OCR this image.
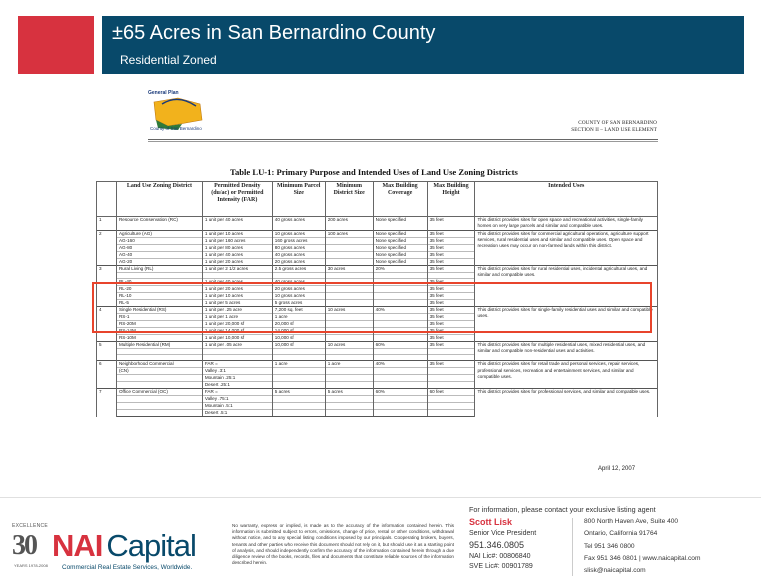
±65 Acres in San Bernardino County
Residential Zoned
General Plan
County of San Bernardino
COUNTY OF SAN BERNARDINO
SECTION II – LAND USE ELEMENT
Table LU-1: Primary Purpose and Intended Uses of Land Use Zoning Districts
	Land Use Zoning District	Permitted Density (du/ac) or Permitted Intensity (FAR)	Minimum Parcel Size	Minimum District Size	Max Building Coverage	Max Building Height	Intended Uses
1	Resource Conservation (RC)	1 unit per 40 acres	40 gross acres	200 acres	None specified	35 feet	This district provides sites for open space and recreational activities, single-family homes on very large parcels and similar and compatible uses.
2	Agriculture (AG)	1 unit per 10 acres	10 gross acres	100 acres	None specified	35 feet	This district provides sites for commercial agricultural operations, agriculture support services, rural residential uses and similar and compatible uses. Open space and recreation uses may occur on non-farmed lands within this district.
	AG-160	1 unit per 160 acres	160 gross acres		None specified	35 feet	
	AG-80	1 unit per 80 acres	80 gross acres		None specified	35 feet	
	AG-40	1 unit per 40 acres	40 gross acres		None specified	35 feet	
	AG-20	1 unit per 20 acres	20 gross acres		None specified	35 feet	
3	Rural Living (RL)	1 unit per 2 1/2 acres	2.5 gross acres	30 acres	20%	35 feet	This district provides sites for rural residential uses, incidental agricultural uses, and similar and compatible uses.

	RL-40	1 unit per 40 acres	40 gross acres			35 feet	
	RL-20	1 unit per 20 acres	20 gross acres			35 feet	
	RL-10	1 unit per 10 acres	10 gross acres			35 feet	
	RL-5	1 unit per 5 acres	5 gross acres			35 feet	
4	Single Residential (RS)	1 unit per .25 acre	7,200 sq. feet	10 acres	40%	35 feet	This district provides sites for single-family residential uses and similar and compatible uses.
	RS-1	1 unit per 1 acre	1 acre			35 feet	
	RS-20M	1 unit per 20,000 sf	20,000 sf			35 feet	
	RS-14M	1 unit per 14,000 sf	14,000 sf			35 feet	
	RS-10M	1 unit per 10,000 sf	10,000 sf			35 feet	
5	Multiple Residential (RM)	1 unit per .05 acre	10,000 sf	10 acres	60%	35 feet	This district provides sites for multiple residential uses, mixed residential uses, and similar and compatible non-residential uses and activities.

6	Neighborhood Commercial	FAR =	1 acre	1 acre	40%	35 feet	This district provides sites for retail trade and personal services, repair services, professional services, recreation and entertainment services, and similar and compatible uses.
	(CN)	Valley .3:1					
		Mountain .25:1					
		Desert .25:1					
7	Office Commercial (OC)	FAR =	5 acres	5 acres	60%	60 feet	This district provides sites for professional services, and similar and compatible uses.
		Valley .75:1					
		Mountain .5:1					
		Desert .5:1					
April 12, 2007
EXCELLENCE
30
YEARS 1978-2008
NAI Capital
Commercial Real Estate Services, Worldwide.
No warranty, express or implied, is made as to the accuracy of the information contained herein. This information is submitted subject to errors, omissions, change of price, rental or other conditions, withdrawal without notice, and to any special listing conditions imposed by our principals. Cooperating brokers, buyers, tenants and other parties who receive this document should not rely on it, but should use it as a starting point of analysis, and should independently confirm the accuracy of the information contained herein through a due diligence review of the books, records, files and documents that constitute reliable sources of the information described herein.
For information, please contact your exclusive listing agent
Scott Lisk
Senior Vice President
951.346.0805
NAI Lic#: 00806840
SVE Lic#: 00901789
800 North Haven Ave, Suite 400
Ontario, California 91764
Tel 951 346 0800
Fax 951 346 0801 | www.naicapital.com
slisk@naicapital.com
